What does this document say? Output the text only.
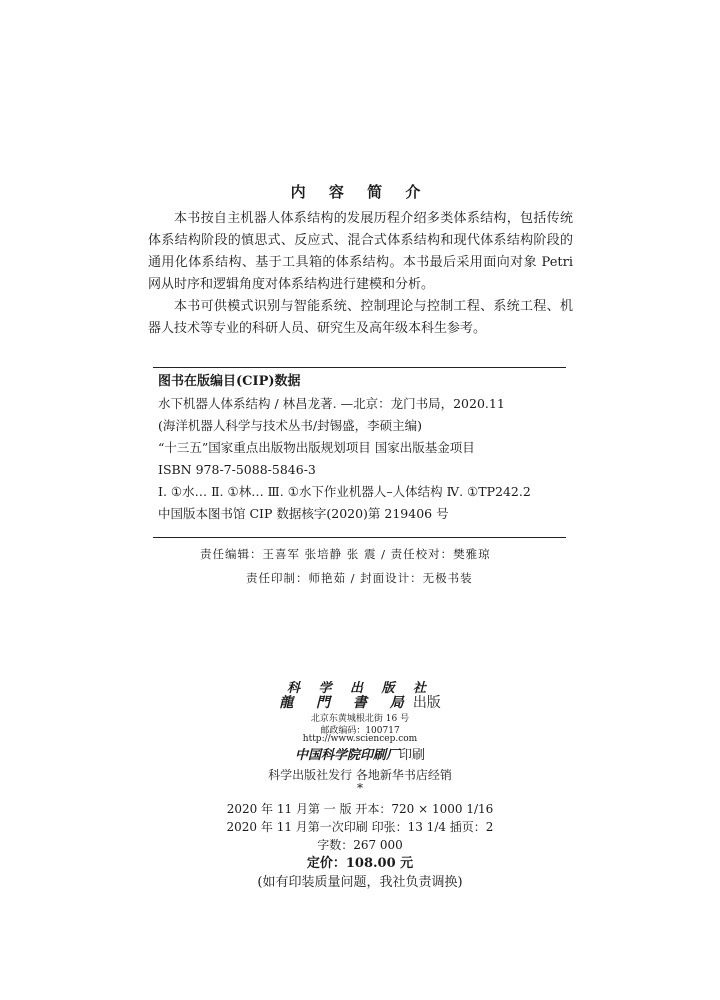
内 容 简 介

本书按自主机器人体系结构的发展历程介绍多类体系结构，包括传统体系结构阶段的慎思式、反应式、混合式体系结构和现代体系结构阶段的通用化体系结构、基于工具箱的体系结构。本书最后采用面向对象 Petri 网从时序和逻辑角度对体系结构进行建模和分析。

本书可供模式识别与智能系统、控制理论与控制工程、系统工程、机器人技术等专业的科研人员、研究生及高年级本科生参考。

图书在版编目(CIP)数据
水下机器人体系结构 / 林昌龙著. —北京：龙门书局，2020.11
(海洋机器人科学与技术丛书/封锡盛，李硕主编)
“十三五”国家重点出版物出版规划项目 国家出版基金项目
ISBN 978-7-5088-5846-3
Ⅰ. ①水… Ⅱ. ①林… Ⅲ. ①水下作业机器人–人体结构 Ⅳ. ①TP242.2
中国版本图书馆 CIP 数据核字(2020)第 219406 号
责任编辑：王喜军 张培静 张 震 / 责任校对：樊雅琼
责任印制：师艳茹 / 封面设计：无极书装
科 学 出 版 社
龍 門 書 局出版
北京东黄城根北街 16 号
邮政编码：100717
http://www.sciencep.com
中国科学院印刷厂印刷
科学出版社发行 各地新华书店经销
*
2020 年 11 月第 一 版 开本：720 × 1000 1/16
2020 年 11 月第一次印刷 印张：13 1/4 插页：2
字数：267 000
定价：108.00 元
(如有印装质量问题，我社负责调换)
